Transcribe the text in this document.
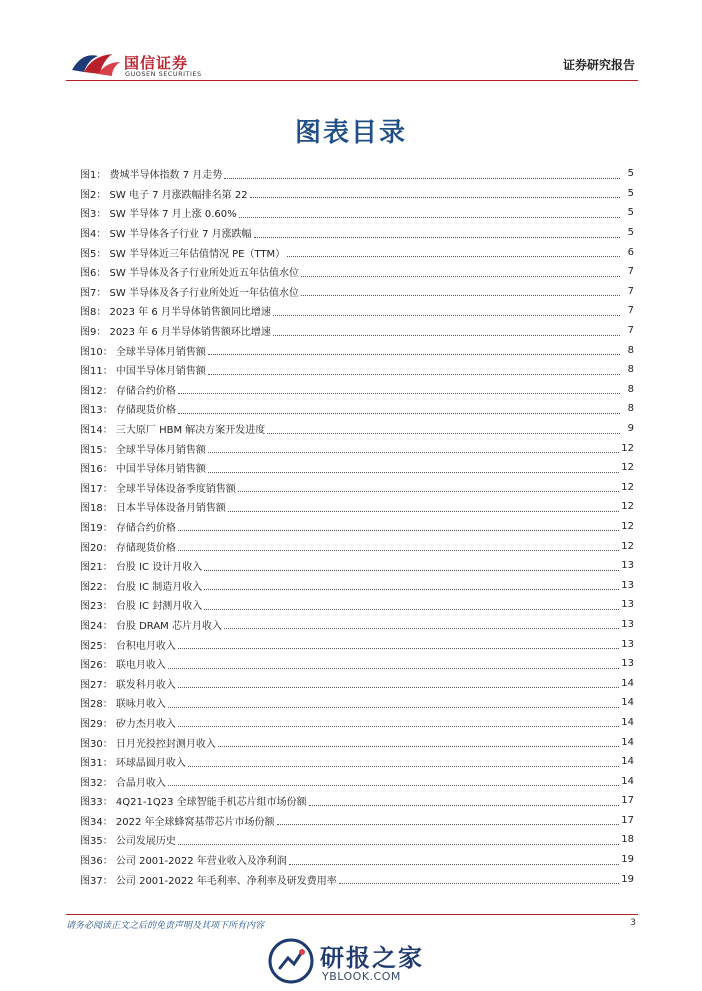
国信证券
GUOSEN SECURITIES
证券研究报告
图表目录
图1： 费城半导体指数 7 月走势	5
图2： SW 电子 7 月涨跌幅排名第 22	5
图3： SW 半导体 7 月上涨 0.60%	5
图4： SW 半导体各子行业 7 月涨跌幅	5
图5： SW 半导体近三年估值情况 PE（TTM）	6
图6： SW 半导体及各子行业所处近五年估值水位	7
图7： SW 半导体及各子行业所处近一年估值水位	7
图8： 2023 年 6 月半导体销售额同比增速	7
图9： 2023 年 6 月半导体销售额环比增速	7
图10： 全球半导体月销售额	8
图11： 中国半导体月销售额	8
图12： 存储合约价格	8
图13： 存储现货价格	8
图14： 三大原厂 HBM 解决方案开发进度	9
图15： 全球半导体月销售额	12
图16： 中国半导体月销售额	12
图17： 全球半导体设备季度销售额	12
图18： 日本半导体设备月销售额	12
图19： 存储合约价格	12
图20： 存储现货价格	12
图21： 台股 IC 设计月收入	13
图22： 台股 IC 制造月收入	13
图23： 台股 IC 封测月收入	13
图24： 台股 DRAM 芯片月收入	13
图25： 台积电月收入	13
图26： 联电月收入	13
图27： 联发科月收入	14
图28： 联咏月收入	14
图29： 矽力杰月收入	14
图30： 日月光投控封测月收入	14
图31： 环球晶圆月收入	14
图32： 合晶月收入	14
图33： 4Q21-1Q23 全球智能手机芯片组市场份额	17
图34： 2022 年全球蜂窝基带芯片市场份额	17
图35： 公司发展历史	18
图36： 公司 2001-2022 年营业收入及净利润	19
图37： 公司 2001-2022 年毛利率、净利率及研发费用率	19
请务必阅读正文之后的免责声明及其项下所有内容	3
研报之家
YBLOOK.COM
